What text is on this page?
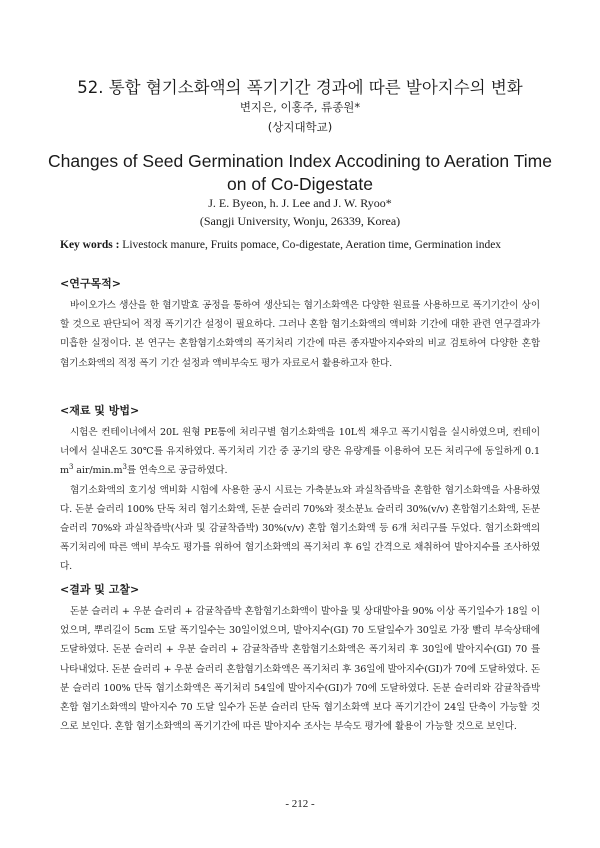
52. 통합 혐기소화액의 폭기기간 경과에 따른 발아지수의 변화
변지은, 이홍주, 류종원*
(상지대학교)
Changes of Seed Germination Index Accodining to Aeration Time on of Co-Digestate
J. E. Byeon, h. J. Lee and J. W. Ryoo*
(Sangji University, Wonju, 26339, Korea)
Key words : Livestock manure, Fruits pomace, Co-digestate, Aeration time, Germination index
<연구목적>

바이오가스 생산을 한 혐기발효 공정을 통하여 생산되는 혐기소화액은 다양한 원료를 사용하므로 폭기기간이 상이할 것으로 판단되어 적정 폭기기간 설정이 필요하다. 그러나 혼합 혐기소화액의 액비화 기간에 대한 관련 연구결과가 미흡한 실정이다. 본 연구는 혼합혐기소화액의 폭기처리 기간에 따른 종자발아지수와의 비교 검토하여 다양한 혼합 혐기소화액의 적정 폭기 기간 설정과 액비부숙도 평가 자료로서 활용하고자 한다.

<재료 및 방법>

시험은 컨테이너에서 20L 원형 PE통에 처리구별 혐기소화액을 10L씩 채우고 폭기시험을 실시하였으며, 컨테이너에서 실내온도 30℃를 유지하였다. 폭기처리 기간 중 공기의 량은 유량계를 이용하여 모든 처리구에 동일하게 0.1 $m^3$ air/$\min.m^3$를 연속으로 공급하였다.

혐기소화액의 호기성 액비화 시험에 사용한 공시 시료는 가축분뇨와 과실착즙박을 혼합한 혐기소화액을 사용하였다. 돈분 슬러리 100% 단독 처리 혐기소화액, 돈분 슬러리 70%와 젖소분뇨 슬러리 30%(v/v) 혼합혐기소화액, 돈분 슬러리 70%와 과실착즙박(사과 및 감귤착즙박) 30%(v/v) 혼합 혐기소화액 등 6개 처리구를 두었다. 혐기소화액의 폭기처리에 따른 액비 부숙도 평가를 위하여 혐기소화액의 폭기처리 후 6일 간격으로 채취하여 발아지수를 조사하였다.

<결과 및 고찰>

돈분 슬러리 + 우분 슬러리 + 감귤착즙박 혼합혐기소화액이 발아율 및 상대발아율 90% 이상 폭기일수가 18일 이었으며, 뿌리길이 5cm 도달 폭기일수는 30일이었으며, 발아지수(GI) 70 도달일수가 30일로 가장 빨리 부숙상태에 도달하였다. 돈분 슬러리 + 우분 슬러리 + 감귤착즙박 혼합혐기소화액은 폭기처리 후 30일에 발아지수(GI) 70 를 나타내었다. 돈분 슬러리 + 우분 슬러리 혼합혐기소화액은 폭기처리 후 36일에 발아지수(GI)가 70에 도달하였다. 돈분 슬러리 100% 단독 혐기소화액은 폭기처리 54일에 발아지수(GI)가 70에 도달하였다. 돈분 슬러리와 감귤착즙박 혼합 혐기소화액의 발아지수 70 도달 일수가 돈분 슬러리 단독 혐기소화액 보다 폭기기간이 24일 단축이 가능할 것으로 보인다. 혼합 혐기소화액의 폭기기간에 따른 발아지수 조사는 부숙도 평가에 활용이 가능할 것으로 보인다.

- 212 -
